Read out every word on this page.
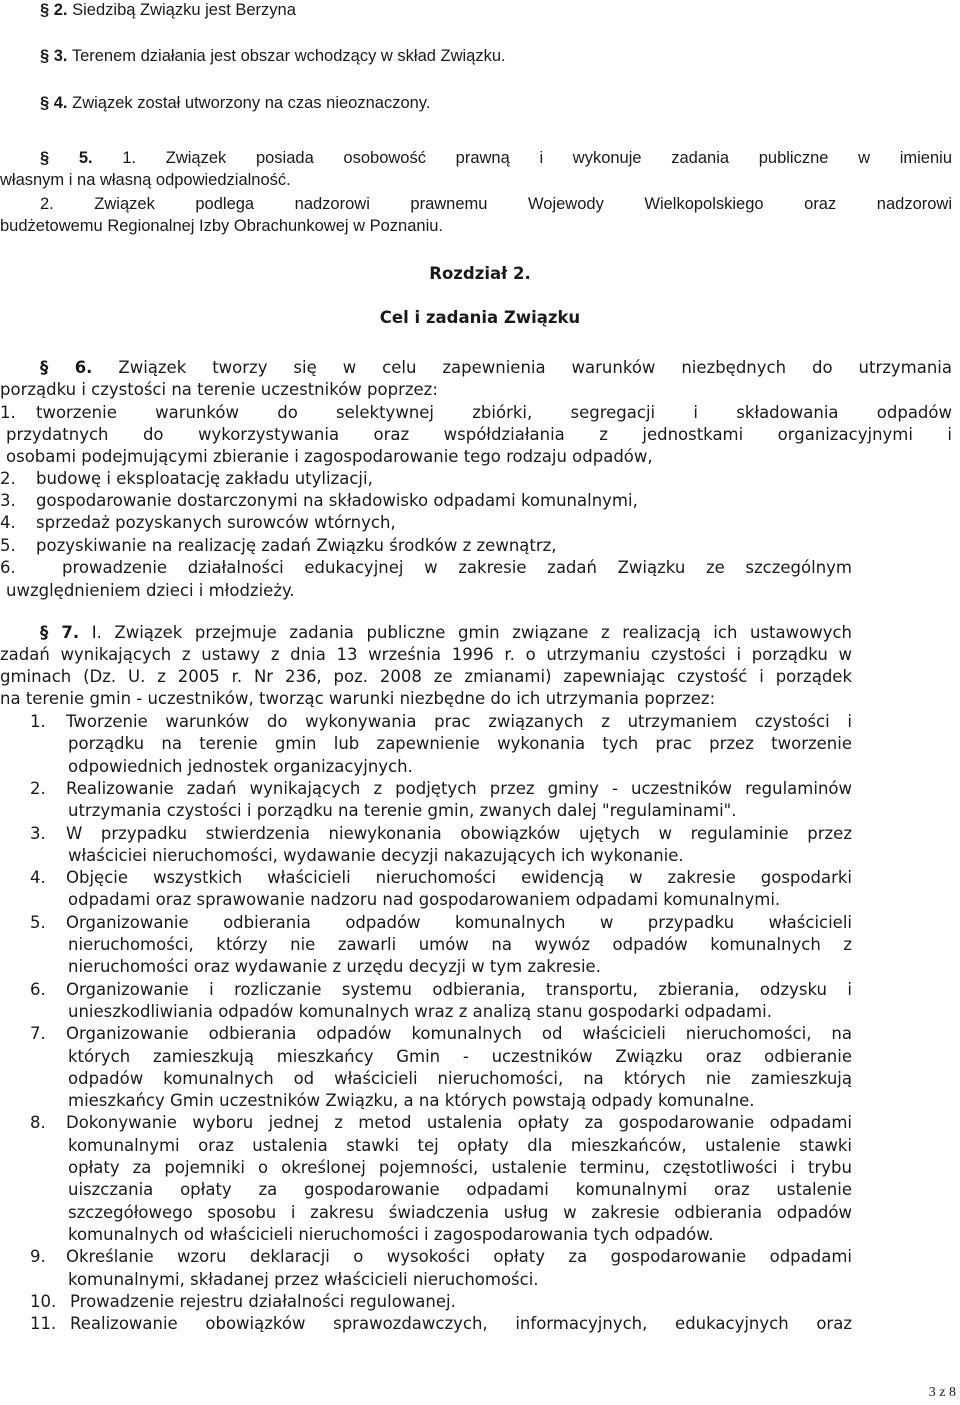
§ 2. Siedzibą Związku jest Berzyna
§ 3. Terenem działania jest obszar wchodzący w skład Związku.
§ 4. Związek został utworzony na czas nieoznaczony.
§ 5. 1. Związek posiada osobowość prawną i wykonuje zadania publiczne w imieniu
własnym i na własną odpowiedzialność.
2. Związek podlega nadzorowi prawnemu Wojewody Wielkopolskiego oraz nadzorowi
budżetowemu Regionalnej Izby Obrachunkowej w Poznaniu.
Rozdział 2.
Cel i zadania Związku
§ 6. Związek tworzy się w celu zapewnienia warunków niezbędnych do utrzymania
porządku i czystości na terenie uczestników poprzez:
1. tworzenie warunków do selektywnej zbiórki, segregacji i składowania odpadów
przydatnych do wykorzystywania oraz współdziałania z jednostkami organizacyjnymi i
osobami podejmującymi zbieranie i zagospodarowanie tego rodzaju odpadów,
2. budowę i eksploatację zakładu utylizacji,
3. gospodarowanie dostarczonymi na składowisko odpadami komunalnymi,
4. sprzedaż pozyskanych surowców wtórnych,
5. pozyskiwanie na realizację zadań Związku środków z zewnątrz,
6.	prowadzenie działalności edukacyjnej w zakresie zadań Związku ze szczególnym
uwzględnieniem dzieci i młodzieży.
§ 7. I. Związek przejmuje zadania publiczne gmin związane z realizacją ich ustawowych
zadań wynikających z ustawy z dnia 13 września 1996 r. o utrzymaniu czystości i porządku w
gminach (Dz. U. z 2005 r. Nr 236, poz. 2008 ze zmianami) zapewniając czystość i porządek
na terenie gmin - uczestników, tworząc warunki niezbędne do ich utrzymania poprzez:
1. Tworzenie warunków do wykonywania prac związanych z utrzymaniem czystości i
porządku na terenie gmin lub zapewnienie wykonania tych prac przez tworzenie
odpowiednich jednostek organizacyjnych.
2. Realizowanie zadań wynikających z podjętych przez gminy - uczestników regulaminów
utrzymania czystości i porządku na terenie gmin, zwanych dalej "regulaminami".
3. W przypadku stwierdzenia niewykonania obowiązków ujętych w regulaminie przez
właściciei nieruchomości, wydawanie decyzji nakazujących ich wykonanie.
4. Objęcie wszystkich właścicieli nieruchomości ewidencją w zakresie gospodarki
odpadami oraz sprawowanie nadzoru nad gospodarowaniem odpadami komunalnymi.
5. Organizowanie odbierania odpadów komunalnych w przypadku właścicieli
nieruchomości, którzy nie zawarli umów na wywóz odpadów komunalnych z
nieruchomości oraz wydawanie z urzędu decyzji w tym zakresie.
6. Organizowanie i rozliczanie systemu odbierania, transportu, zbierania, odzysku i
unieszkodliwiania odpadów komunalnych wraz z analizą stanu gospodarki odpadami.
7. Organizowanie odbierania odpadów komunalnych od właścicieli nieruchomości, na
których zamieszkują mieszkańcy Gmin - uczestników Związku oraz odbieranie
odpadów komunalnych od właścicieli nieruchomości, na których nie zamieszkują
mieszkańcy Gmin uczestników Związku, a na których powstają odpady komunalne.
8. Dokonywanie wyboru jednej z metod ustalenia opłaty za gospodarowanie odpadami
komunalnymi oraz ustalenia stawki tej opłaty dla mieszkańców, ustalenie stawki
opłaty za pojemniki o określonej pojemności, ustalenie terminu, częstotliwości i trybu
uiszczania opłaty za gospodarowanie odpadami komunalnymi oraz ustalenie
szczegółowego sposobu i zakresu świadczenia usług w zakresie odbierania odpadów
komunalnych od właścicieli nieruchomości i zagospodarowania tych odpadów.
9. Określanie wzoru deklaracji o wysokości opłaty za gospodarowanie odpadami
komunalnymi, składanej przez właścicieli nieruchomości.
10. Prowadzenie rejestru działalności regulowanej.
11. Realizowanie obowiązków sprawozdawczych, informacyjnych, edukacyjnych oraz
3 z 8
